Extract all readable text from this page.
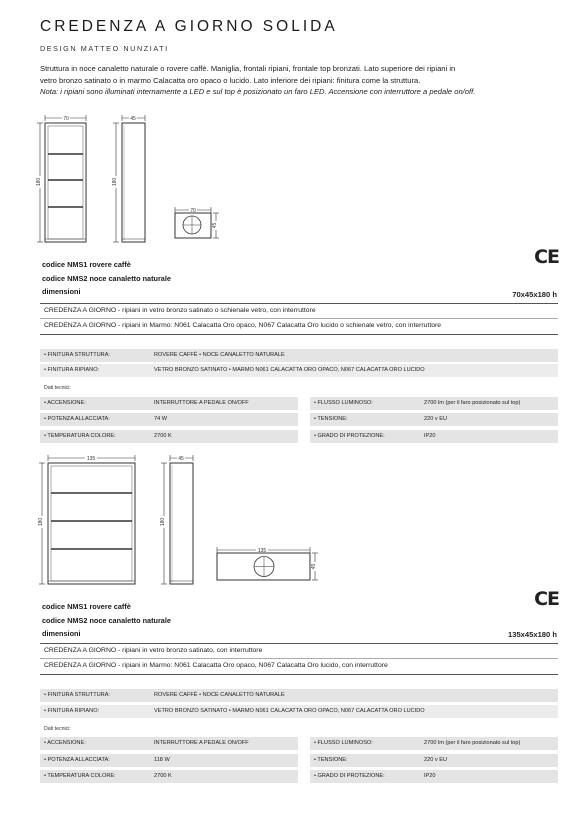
CREDENZA A GIORNO SOLIDA
DESIGN MATTEO NUNZIATI

Struttura in noce canaletto naturale o rovere caffè. Maniglia, frontali ripiani, frontale top bronzati. Lato superiore dei ripiani in

vetro bronzo satinato o in marmo Calacatta oro opaco o lucido. Lato inferiore dei ripiani: finitura come la struttura.

Nota: i ripiani sono illuminati internamente a LED e sul top è posizionato un faro LED. Accensione con interruttore a pedale on/off.

70
180
45
180
70
45
codice NMS1 rovere caffè
codice NMS2 noce canaletto naturale
dimensioni
CE
70x45x180 h
CREDENZA A GIORNO - ripiani in vetro bronzo satinato o schienale vetro, con interruttore
CREDENZA A GIORNO - ripiani in Marmo: N061 Calacatta Oro opaco, N067 Calacatta Oro lucido o schienale vetro, con interruttore
• FINITURA STRUTTURA:	ROVERE CAFFÈ • NOCE CANALETTO NATURALE
• FINITURA RIPIANO:	VETRO BRONZO SATINATO • MARMO N061 CALACATTA ORO OPACO, N067 CALACATTA ORO LUCIDO
Dati tecnici:
• ACCENSIONE:	INTERRUTTORE A PEDALE ON/OFF	• FLUSSO LUMINOSO:	2700 lm (per il faro posizionato sul top)
• POTENZA ALLACCIATA:	74 W	• TENSIONE:	220 v EU
• TEMPERATURA COLORE:	2700 K	• GRADO DI PROTEZIONE:	IP20
135
180
45
180
135
45
codice NMS1 rovere caffè
codice NMS2 noce canaletto naturale
dimensioni
CE
135x45x180 h
CREDENZA A GIORNO - ripiani in vetro bronzo satinato, con interruttore
CREDENZA A GIORNO - ripiani in Marmo: N061 Calacatta Oro opaco, N067 Calacatta Oro lucido, con interruttore
• FINITURA STRUTTURA:	ROVERE CAFFÈ • NOCE CANALETTO NATURALE
• FINITURA RIPIANO:	VETRO BRONZO SATINATO • MARMO N061 CALACATTA ORO OPACO, N067 CALACATTA ORO LUCIDO
Dati tecnici:
• ACCENSIONE:	INTERRUTTORE A PEDALE ON/OFF	• FLUSSO LUMINOSO:	2700 lm (per il faro posizionato sul top)
• POTENZA ALLACCIATA:	118 W	• TENSIONE:	220 v EU
• TEMPERATURA COLORE:	2700 K	• GRADO DI PROTEZIONE:	IP20
